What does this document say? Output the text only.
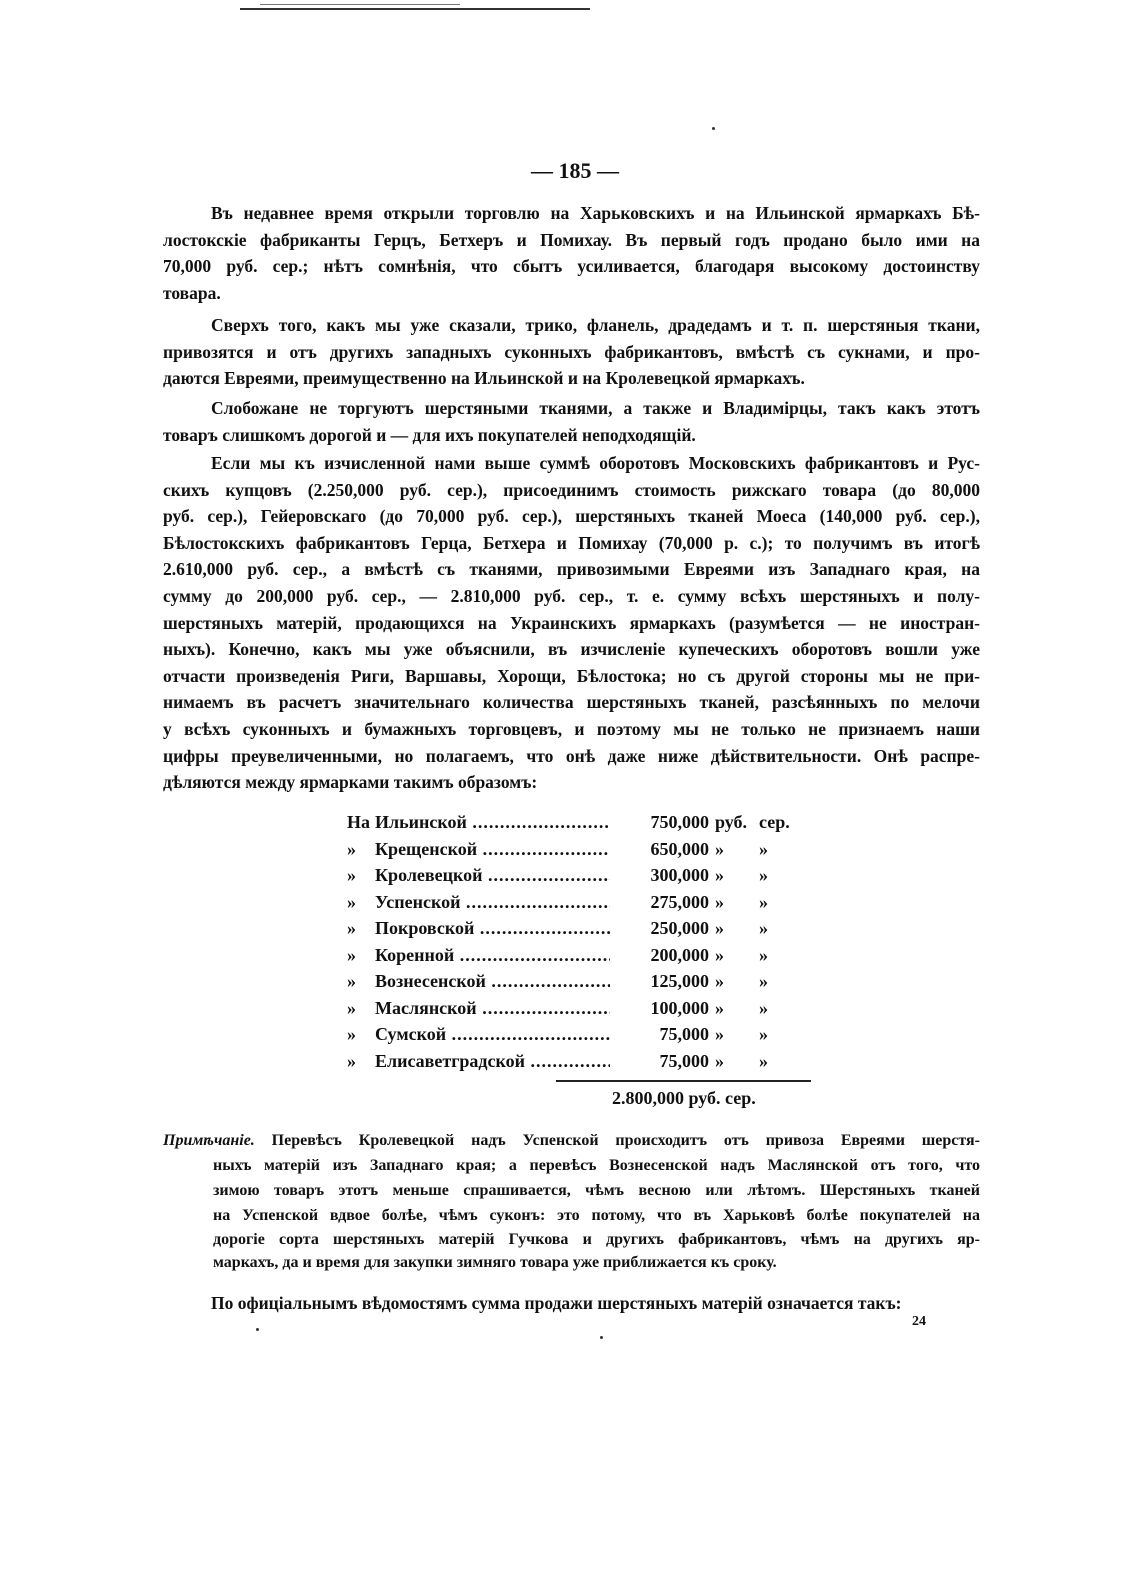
— 185 —
Въ недавнее время открыли торговлю на Харьковскихъ и на Ильинской ярмаркахъ Бѣ-
лостокскіе фабриканты Герцъ, Бетхеръ и Помихау. Въ первый годъ продано было ими на
70,000 руб. сер.; нѣтъ сомнѣнія, что сбытъ усиливается, благодаря высокому достоинству
товара.
Сверхъ того, какъ мы уже сказали, трико, фланель, драдедамъ и т. п. шерстяныя ткани,
привозятся и отъ другихъ западныхъ суконныхъ фабрикантовъ, вмѣстѣ съ сукнами, и про-
даются Евреями, преимущественно на Ильинской и на Кролевецкой ярмаркахъ.
Слобожане не торгуютъ шерстяными тканями, а также и Владимірцы, такъ какъ этотъ
товаръ слишкомъ дорогой и — для ихъ покупателей неподходящій.
Если мы къ изчисленной нами выше суммѣ оборотовъ Московскихъ фабрикантовъ и Рус-
скихъ купцовъ (2.250,000 руб. сер.), присоединимъ стоимость рижскаго товара (до 80,000
руб. сер.), Гейеровскаго (до 70,000 руб. сер.), шерстяныхъ тканей Моеса (140,000 руб. сер.),
Бѣлостокскихъ фабрикантовъ Герца, Бетхера и Помихау (70,000 р. с.); то получимъ въ итогѣ
2.610,000 руб. сер., а вмѣстѣ съ тканями, привозимыми Евреями изъ Западнаго края, на
сумму до 200,000 руб. сер., — 2.810,000 руб. сер., т. е. сумму всѣхъ шерстяныхъ и полу-
шерстяныхъ матерій, продающихся на Украинскихъ ярмаркахъ (разумѣется — не иностран-
ныхъ). Конечно, какъ мы уже объяснили, въ изчисленіе купеческихъ оборотовъ вошли уже
отчасти произведенія Риги, Варшавы, Хорощи, Бѣлостока; но съ другой стороны мы не при-
нимаемъ въ расчетъ значительнаго количества шерстяныхъ тканей, разсѣянныхъ по мелочи
у всѣхъ суконныхъ и бумажныхъ торговцевъ, и поэтому мы не только не признаемъ наши
цифры преувеличенными, но полагаемъ, что онѣ даже ниже дѣйствительности. Онѣ распре-
дѣляются между ярмарками такимъ образомъ:
На Ильинской .....	750,000 руб. сер.
»	Крещенской .....	650,000 » »
»	Кролевецкой .....	300,000 » »
»	Успенской .....	275,000 » »
»	Покровской .....	250,000 » »
»	Коренной .....	200,000 » »
»	Вознесенской .....	125,000 » »
»	Маслянской .....	100,000 » »
»	Сумской .....	75,000 » »
»	Елисаветградской .....	75,000 » »
2.800,000 руб. сер.
Примѣчаніе. Перевѣсъ Кролевецкой надъ Успенской происходитъ отъ привоза Евреями шерстя-
ныхъ матерій изъ Западнаго края; а перевѣсъ Вознесенской надъ Маслянской отъ того, что
зимою товаръ этотъ меньше спрашивается, чѣмъ весною или лѣтомъ. Шерстяныхъ тканей
на Успенской вдвое болѣе, чѣмъ суконъ: это потому, что въ Харьковѣ болѣе покупателей на
дорогіе сорта шерстяныхъ матерій Гучкова и другихъ фабрикантовъ, чѣмъ на другихъ яр-
маркахъ, да и время для закупки зимняго товара уже приближается къ сроку.
По офиціальнымъ вѣдомостямъ сумма продажи шерстяныхъ матерій означается такъ:
24
